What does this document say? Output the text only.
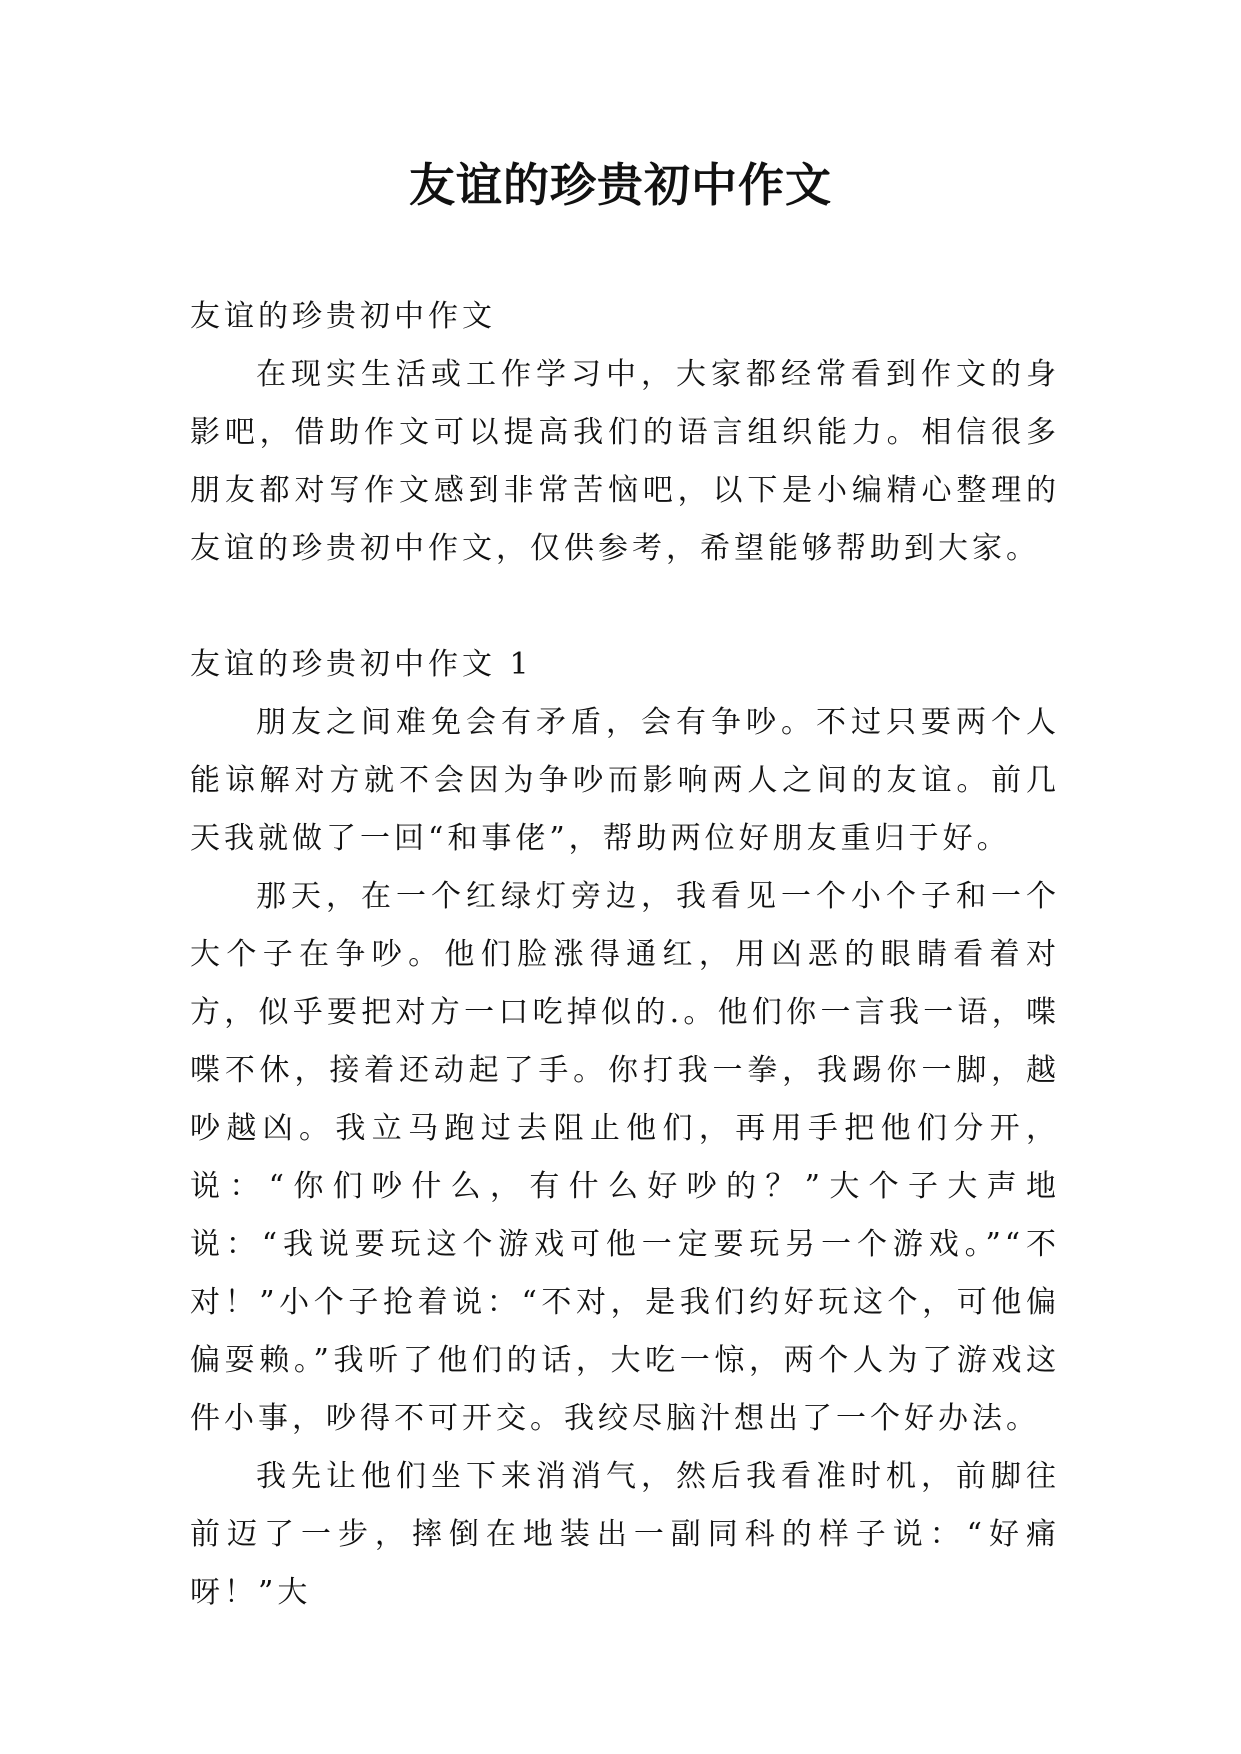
友谊的珍贵初中作文

友谊的珍贵初中作文

在现实生活或工作学习中，大家都经常看到作文的身影吧，借助作文可以提高我们的语言组织能力。相信很多朋友都对写作文感到非常苦恼吧，以下是小编精心整理的友谊的珍贵初中作文，仅供参考，希望能够帮助到大家。

友谊的珍贵初中作文 1

朋友之间难免会有矛盾，会有争吵。不过只要两个人能谅解对方就不会因为争吵而影响两人之间的友谊。前几天我就做了一回“和事佬”，帮助两位好朋友重归于好。

那天，在一个红绿灯旁边，我看见一个小个子和一个大个子在争吵。他们脸涨得通红，用凶恶的眼睛看着对方，似乎要把对方一口吃掉似的.。他们你一言我一语，喋喋不休，接着还动起了手。你打我一拳，我踢你一脚，越吵越凶。我立马跑过去阻止他们，再用手把他们分开，说：“你们吵什么，有什么好吵的？”大个子大声地说：“我说要玩这个游戏可他一定要玩另一个游戏。”“不对！”小个子抢着说：“不对，是我们约好玩这个，可他偏偏耍赖。”我听了他们的话，大吃一惊，两个人为了游戏这件小事，吵得不可开交。我绞尽脑汁想出了一个好办法。

我先让他们坐下来消消气，然后我看准时机，前脚往前迈了一步，摔倒在地装出一副同科的样子说：“好痛呀！”大
